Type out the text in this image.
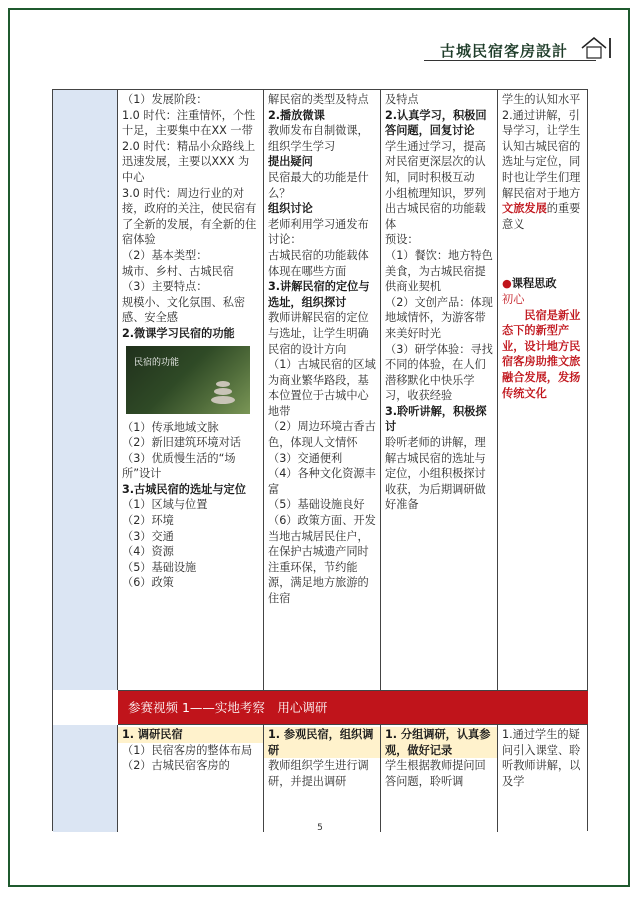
古城民宿客房設計

（1）发展阶段：

1.0 时代：注重情怀，个性十足，主要集中在XX 一带

2.0 时代：精品小众路线上迅速发展，主要以XXX 为中心

3.0 时代：周边行业的对接，政府的关注，使民宿有了全新的发展，有全新的住宿体验

（2）基本类型：

城市、乡村、古城民宿

（3）主要特点：

规模小、文化氛围、私密感、安全感

2.微课学习民宿的功能

民宿的功能

（1）传承地域文脉

（2）新旧建筑环境对话

（3）优质慢生活的“场所”设计

3.古城民宿的选址与定位

（1）区域与位置

（2）环境

（3）交通

（4）资源

（5）基础设施

（6）政策

解民宿的类型及特点

2.播放微课

教师发布自制微课，组织学生学习

提出疑问

民宿最大的功能是什么？

组织讨论

老师利用学习通发布讨论：

古城民宿的功能载体体现在哪些方面

3.讲解民宿的定位与选址，组织探讨

教师讲解民宿的定位与选址，让学生明确民宿的设计方向

（1）古城民宿的区域为商业繁华路段，基本位置位于古城中心地带

（2）周边环境古香古色，体现人文情怀

（3）交通便利

（4）各种文化资源丰富

（5）基础设施良好

（6）政策方面、开发当地古城居民住户，在保护古城遗产同时注重环保，节约能源，满足地方旅游的住宿

及特点

2.认真学习，积极回答问题，回复讨论

学生通过学习，提高对民宿更深层次的认知，同时积极互动

小组梳理知识，罗列出古城民宿的功能载体

预设：

（1）餐饮：地方特色美食，为古城民宿提供商业契机

（2）文创产品：体现地域情怀，为游客带来美好时光

（3）研学体验：寻找不同的体验，在人们潜移默化中快乐学习，收获经验

3.聆听讲解，积极探讨

聆听老师的讲解，理解古城民宿的选址与定位，小组积极探讨收获，为后期调研做好准备

学生的认知水平

2.通过讲解，引导学习，让学生认知古城民宿的选址与定位，同时也让学生们理解民宿对于地方文旅发展的重要意义

●课程思政

初心

民宿是新业态下的新型产业，设计地方民宿客房助推文旅融合发展，发扬传统文化

参赛视频 1——实地考察　用心调研

1. 调研民宿

（1）民宿客房的整体布局

（2）古城民宿客房的

1. 参观民宿，组织调研

教师组织学生进行调研，并提出调研

1. 分组调研，认真参观，做好记录

学生根据教师提问回答问题，聆听调

1.通过学生的疑问引入课堂、聆听教师讲解，以及学

5
